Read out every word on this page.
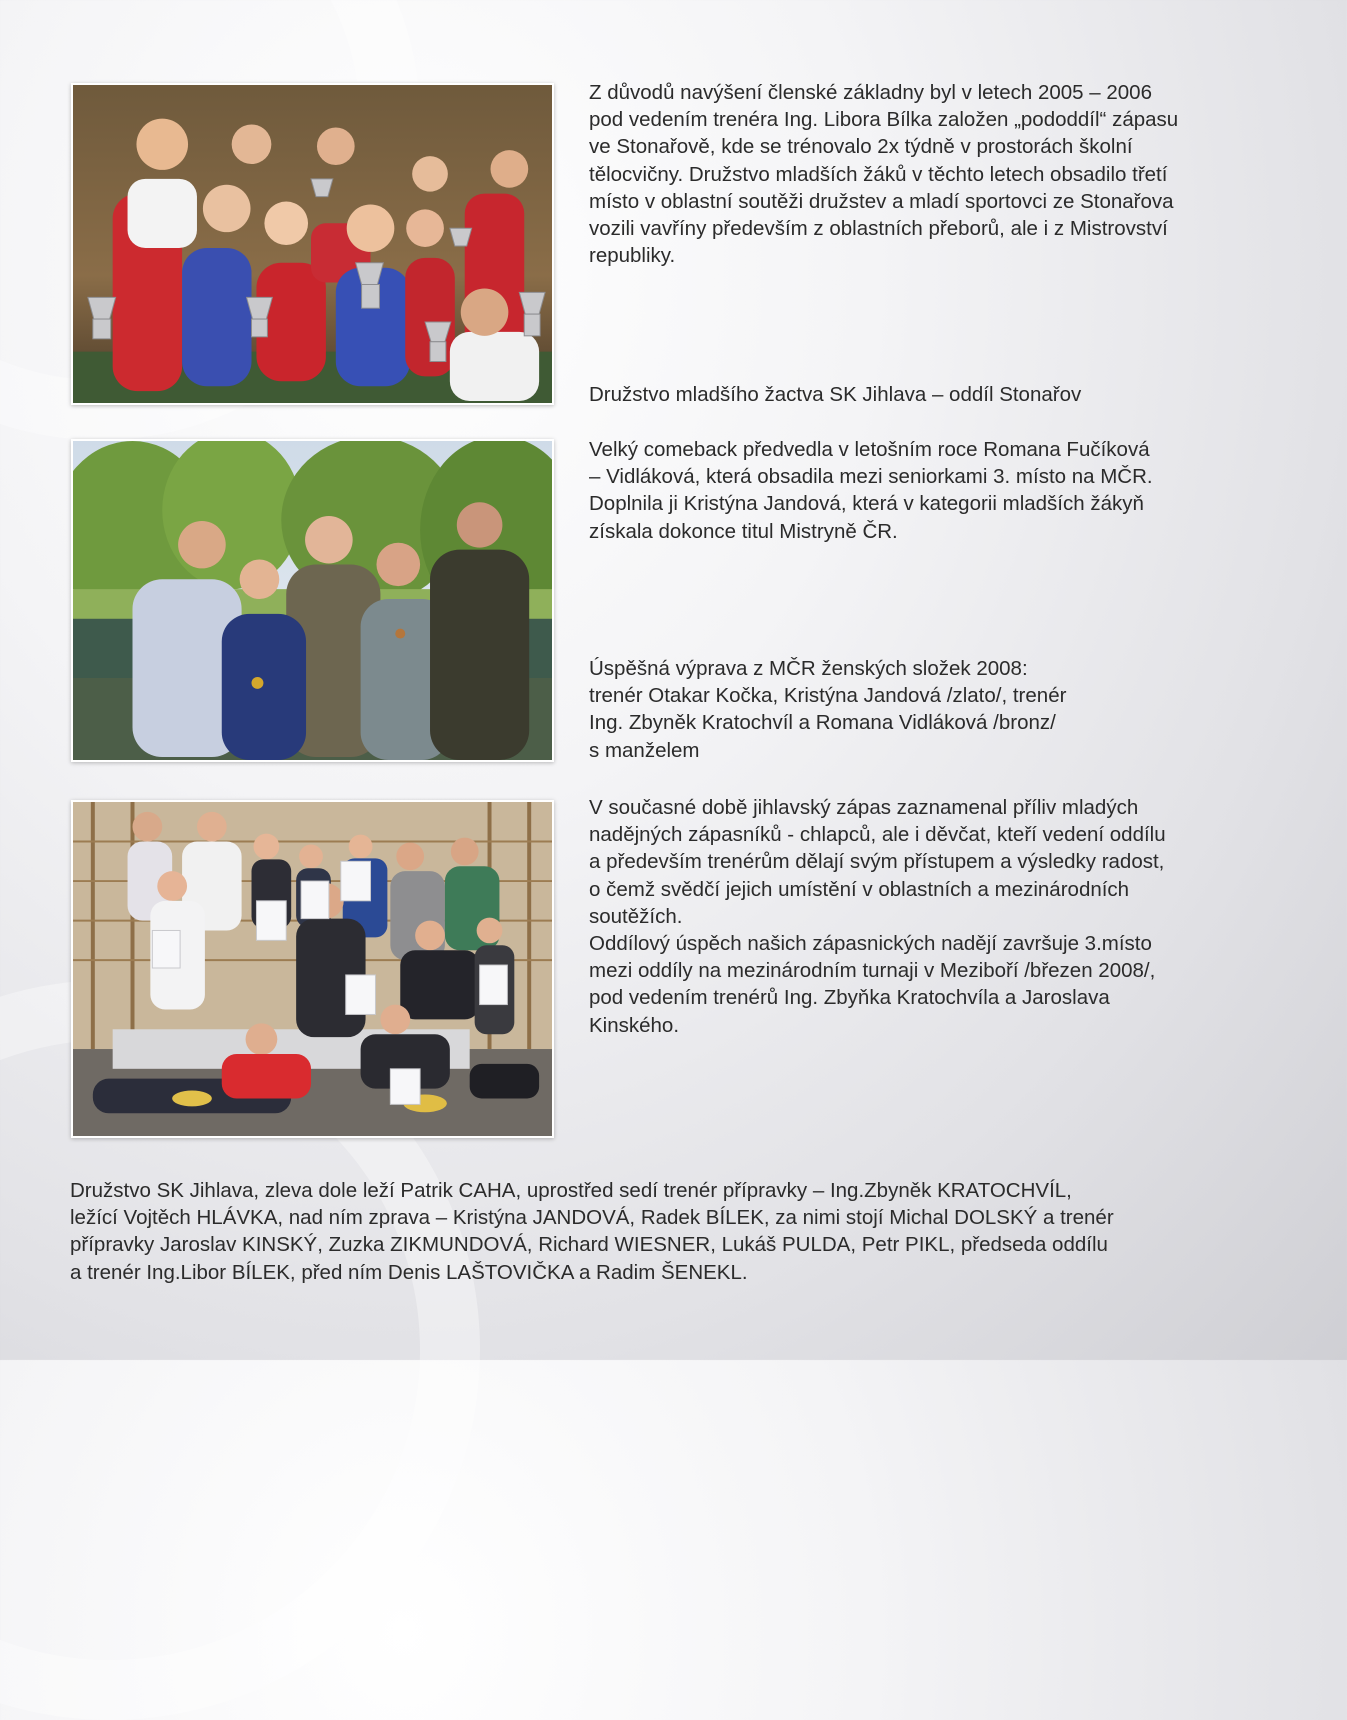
Z důvodů navýšení členské základny byl v letech 2005 – 2006
pod vedením trenéra Ing. Libora Bílka založen „pododdíl“ zápasu
ve Stonařově, kde se trénovalo 2x týdně v prostorách školní
tělocvičny. Družstvo mladších žáků v těchto letech obsadilo třetí
místo v oblastní soutěži družstev a mladí sportovci ze Stonařova
vozili vavříny především z oblastních přeborů, ale i z Mistrovství
republiky.

Družstvo mladšího žactva SK Jihlava – oddíl Stonařov

Velký comeback předvedla v letošním roce Romana Fučíková
– Vidláková, která obsadila mezi seniorkami 3. místo na MČR.
Doplnila ji Kristýna Jandová, která v kategorii mladších žákyň
získala dokonce titul Mistryně ČR.

Úspěšná výprava z MČR ženských složek 2008:
trenér Otakar Kočka, Kristýna Jandová /zlato/, trenér
Ing. Zbyněk Kratochvíl a Romana Vidláková /bronz/
s manželem

V současné době jihlavský zápas zaznamenal příliv mladých
nadějných zápasníků - chlapců, ale i děvčat, kteří vedení oddílu
a především trenérům dělají svým přístupem a výsledky radost,
o čemž svědčí jejich umístění v oblastních a mezinárodních
soutěžích.
Oddílový úspěch našich zápasnických nadějí završuje 3.místo
mezi oddíly na mezinárodním turnaji v Meziboří /březen 2008/,
pod vedením trenérů Ing. Zbyňka Kratochvíla a Jaroslava
Kinského.

Družstvo SK Jihlava, zleva dole leží Patrik CAHA, uprostřed sedí trenér přípravky – Ing.Zbyněk KRATOCHVÍL,
ležící Vojtěch HLÁVKA, nad ním zprava – Kristýna JANDOVÁ, Radek BÍLEK, za nimi stojí Michal DOLSKÝ a trenér
přípravky Jaroslav KINSKÝ, Zuzka ZIKMUNDOVÁ, Richard WIESNER, Lukáš PULDA, Petr PIKL, předseda oddílu
a trenér Ing.Libor BÍLEK, před ním Denis LAŠTOVIČKA a Radim ŠENEKL.
